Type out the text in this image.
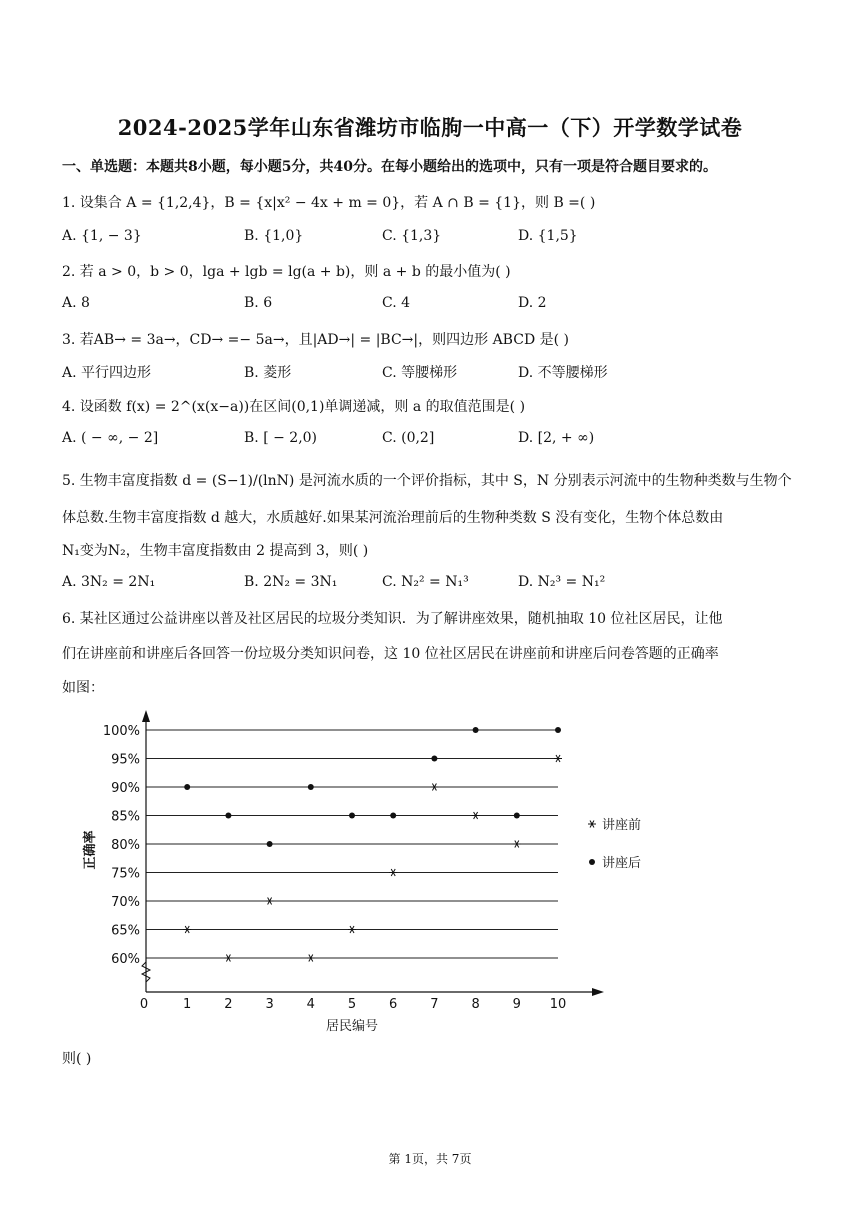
2024-2025学年山东省潍坊市临朐一中高一（下）开学数学试卷
一、单选题：本题共8小题，每小题5分，共40分。在每小题给出的选项中，只有一项是符合题目要求的。
1. 设集合 A = {1,2,4}，B = {x|x² − 4x + m = 0}，若 A ∩ B = {1}，则 B =( )
A. {1, − 3}	B. {1,0}	C. {1,3}	D. {1,5}
2. 若 a > 0，b > 0，lga + lgb = lg(a + b)，则 a + b 的最小值为( )
A. 8	B. 6	C. 4	D. 2
3. 若AB→ = 3a→，CD→ =− 5a→，且|AD→| = |BC→|，则四边形 ABCD 是( )
A. 平行四边形	B. 菱形	C. 等腰梯形	D. 不等腰梯形
4. 设函数 f(x) = 2^(x(x−a))在区间(0,1)单调递减，则 a 的取值范围是( )
A. ( − ∞, − 2]	B. [ − 2,0)	C. (0,2]	D. [2, + ∞)
5. 生物丰富度指数 d = (S−1)/(lnN) 是河流水质的一个评价指标，其中 S，N 分别表示河流中的生物种类数与生物个
体总数.生物丰富度指数 d 越大，水质越好.如果某河流治理前后的生物种类数 S 没有变化，生物个体总数由
N₁变为N₂，生物丰富度指数由 2 提高到 3，则( )
A. 3N₂ = 2N₁	B. 2N₂ = 3N₁	C. N₂² = N₁³	D. N₂³ = N₁²
6. 某社区通过公益讲座以普及社区居民的垃圾分类知识．为了解讲座效果，随机抽取 10 位社区居民，让他
们在讲座前和讲座后各回答一份垃圾分类知识问卷，这 10 位社区居民在讲座前和讲座后问卷答题的正确率
如图：
60%
65%
70%
75%
80%
85%
90%
95%
100%
0	1	2	3	4	5	6	7	8	9 10
居民编号
正确率
讲座前
讲座后
则( )
第 1页，共 7页
